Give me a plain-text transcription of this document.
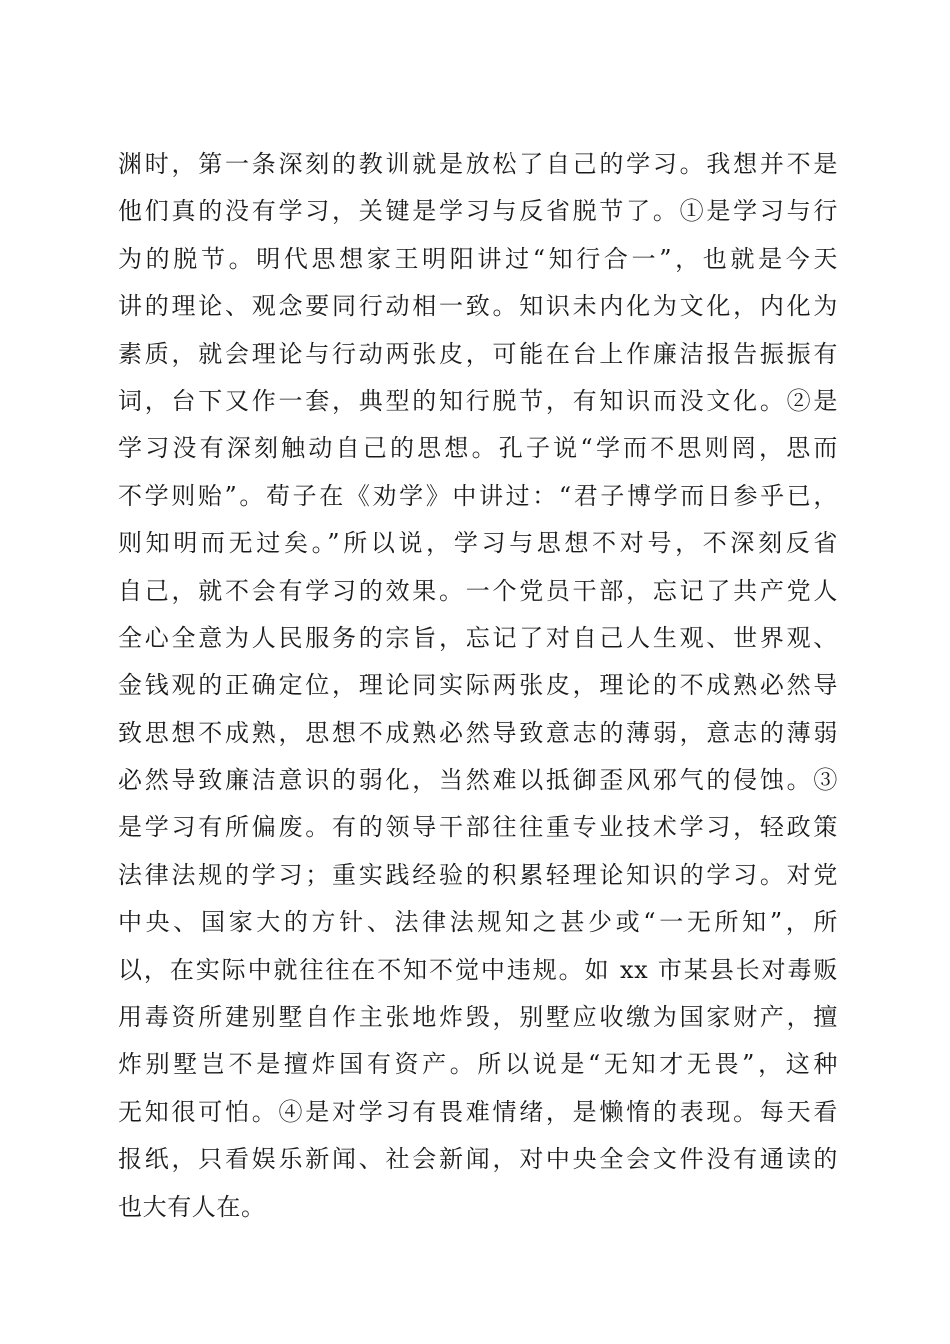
渊时，第一条深刻的教训就是放松了自己的学习。我想并不是
他们真的没有学习，关键是学习与反省脱节了。①是学习与行
为的脱节。明代思想家王明阳讲过“知行合一”，也就是今天
讲的理论、观念要同行动相一致。知识未内化为文化，内化为
素质，就会理论与行动两张皮，可能在台上作廉洁报告振振有
词，台下又作一套，典型的知行脱节，有知识而没文化。②是
学习没有深刻触动自己的思想。孔子说“学而不思则罔，思而
不学则贻”。荀子在《劝学》中讲过：“君子博学而日参乎已，
则知明而无过矣。”所以说，学习与思想不对号，不深刻反省
自己，就不会有学习的效果。一个党员干部，忘记了共产党人
全心全意为人民服务的宗旨，忘记了对自己人生观、世界观、
金钱观的正确定位，理论同实际两张皮，理论的不成熟必然导
致思想不成熟，思想不成熟必然导致意志的薄弱，意志的薄弱
必然导致廉洁意识的弱化，当然难以抵御歪风邪气的侵蚀。③
是学习有所偏废。有的领导干部往往重专业技术学习，轻政策
法律法规的学习；重实践经验的积累轻理论知识的学习。对党
中央、国家大的方针、法律法规知之甚少或“一无所知”，所
以，在实际中就往往在不知不觉中违规。如 xx 市某县长对毒贩
用毒资所建别墅自作主张地炸毁，别墅应收缴为国家财产，擅
炸别墅岂不是擅炸国有资产。所以说是“无知才无畏”，这种
无知很可怕。④是对学习有畏难情绪，是懒惰的表现。每天看
报纸，只看娱乐新闻、社会新闻，对中央全会文件没有通读的
也大有人在。
